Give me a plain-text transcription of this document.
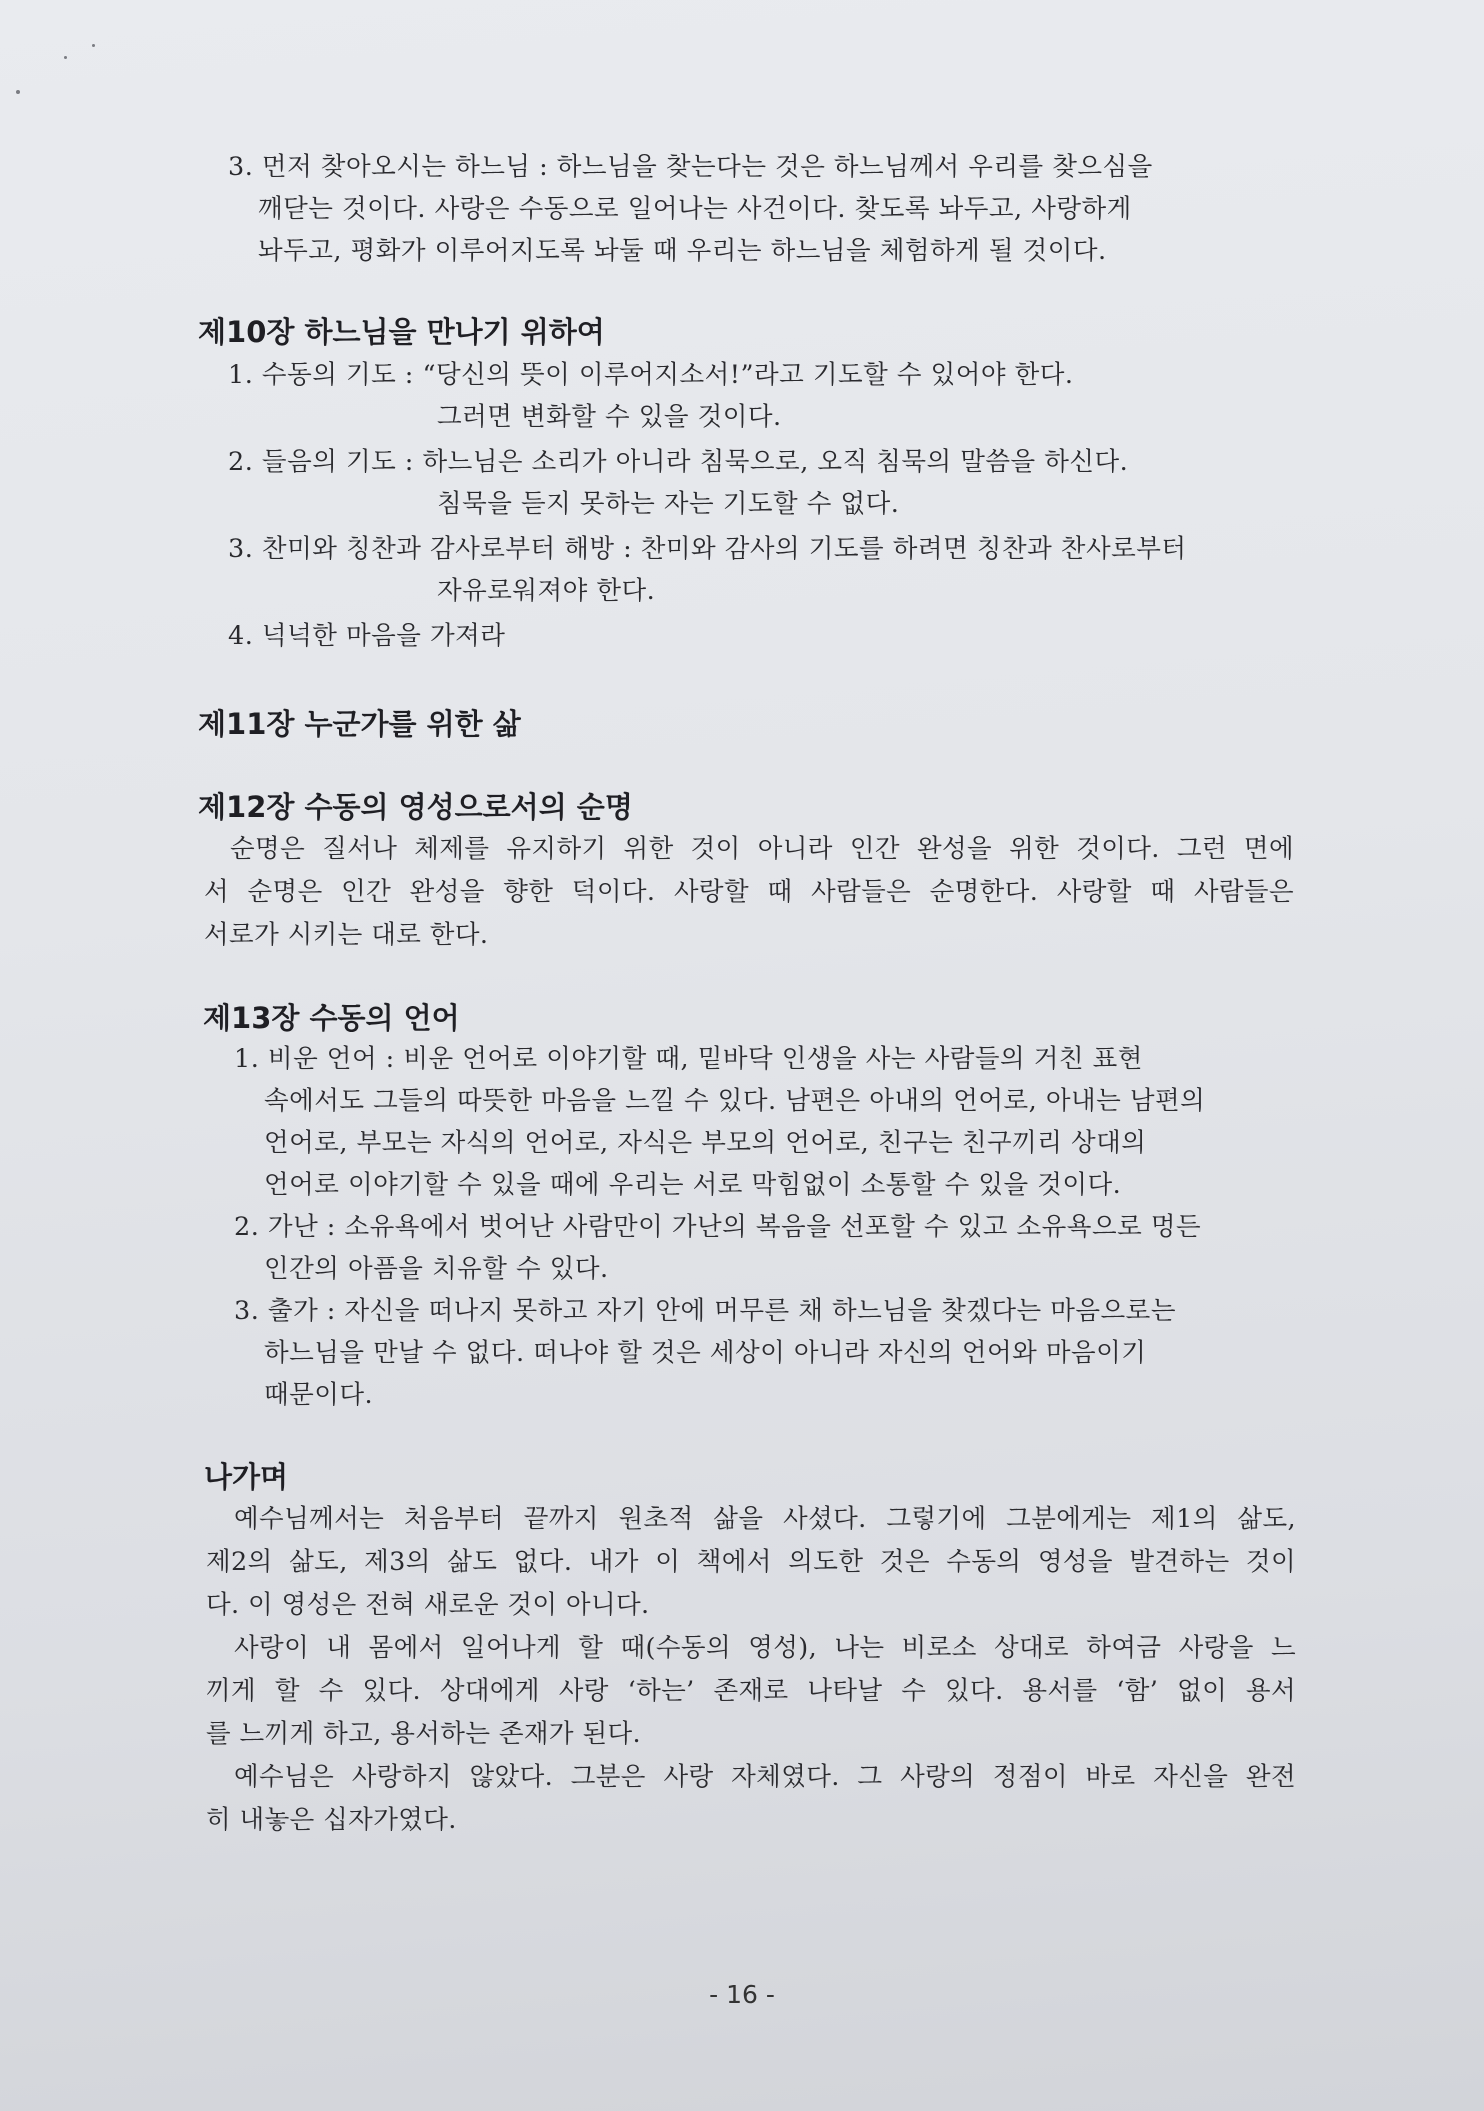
3. 먼저 찾아오시는 하느님 : 하느님을 찾는다는 것은 하느님께서 우리를 찾으심을
깨닫는 것이다. 사랑은 수동으로 일어나는 사건이다. 찾도록 놔두고, 사랑하게
놔두고, 평화가 이루어지도록 놔둘 때 우리는 하느님을 체험하게 될 것이다.
제10장 하느님을 만나기 위하여
1. 수동의 기도 : “당신의 뜻이 이루어지소서!”라고 기도할 수 있어야 한다.
그러면 변화할 수 있을 것이다.
2. 들음의 기도 : 하느님은 소리가 아니라 침묵으로, 오직 침묵의 말씀을 하신다.
침묵을 듣지 못하는 자는 기도할 수 없다.
3. 찬미와 칭찬과 감사로부터 해방 : 찬미와 감사의 기도를 하려면 칭찬과 찬사로부터
자유로워져야 한다.
4. 넉넉한 마음을 가져라
제11장 누군가를 위한 삶
제12장 수동의 영성으로서의 순명
순명은 질서나 체제를 유지하기 위한 것이 아니라 인간 완성을 위한 것이다. 그런 면에
서 순명은 인간 완성을 향한 덕이다. 사랑할 때 사람들은 순명한다. 사랑할 때 사람들은
서로가 시키는 대로 한다.
제13장 수동의 언어
1. 비운 언어 : 비운 언어로 이야기할 때, 밑바닥 인생을 사는 사람들의 거친 표현
속에서도 그들의 따뜻한 마음을 느낄 수 있다. 남편은 아내의 언어로, 아내는 남편의
언어로, 부모는 자식의 언어로, 자식은 부모의 언어로, 친구는 친구끼리 상대의
언어로 이야기할 수 있을 때에 우리는 서로 막힘없이 소통할 수 있을 것이다.
2. 가난 : 소유욕에서 벗어난 사람만이 가난의 복음을 선포할 수 있고 소유욕으로 멍든
인간의 아픔을 치유할 수 있다.
3. 출가 : 자신을 떠나지 못하고 자기 안에 머무른 채 하느님을 찾겠다는 마음으로는
하느님을 만날 수 없다. 떠나야 할 것은 세상이 아니라 자신의 언어와 마음이기
때문이다.
나가며
예수님께서는 처음부터 끝까지 원초적 삶을 사셨다. 그렇기에 그분에게는 제1의 삶도,
제2의 삶도, 제3의 삶도 없다. 내가 이 책에서 의도한 것은 수동의 영성을 발견하는 것이
다. 이 영성은 전혀 새로운 것이 아니다.
사랑이 내 몸에서 일어나게 할 때(수동의 영성), 나는 비로소 상대로 하여금 사랑을 느
끼게 할 수 있다. 상대에게 사랑 ‘하는’ 존재로 나타날 수 있다. 용서를 ‘함’ 없이 용서
를 느끼게 하고, 용서하는 존재가 된다.
예수님은 사랑하지 않았다. 그분은 사랑 자체였다. 그 사랑의 정점이 바로 자신을 완전
히 내놓은 십자가였다.
- 16 -
